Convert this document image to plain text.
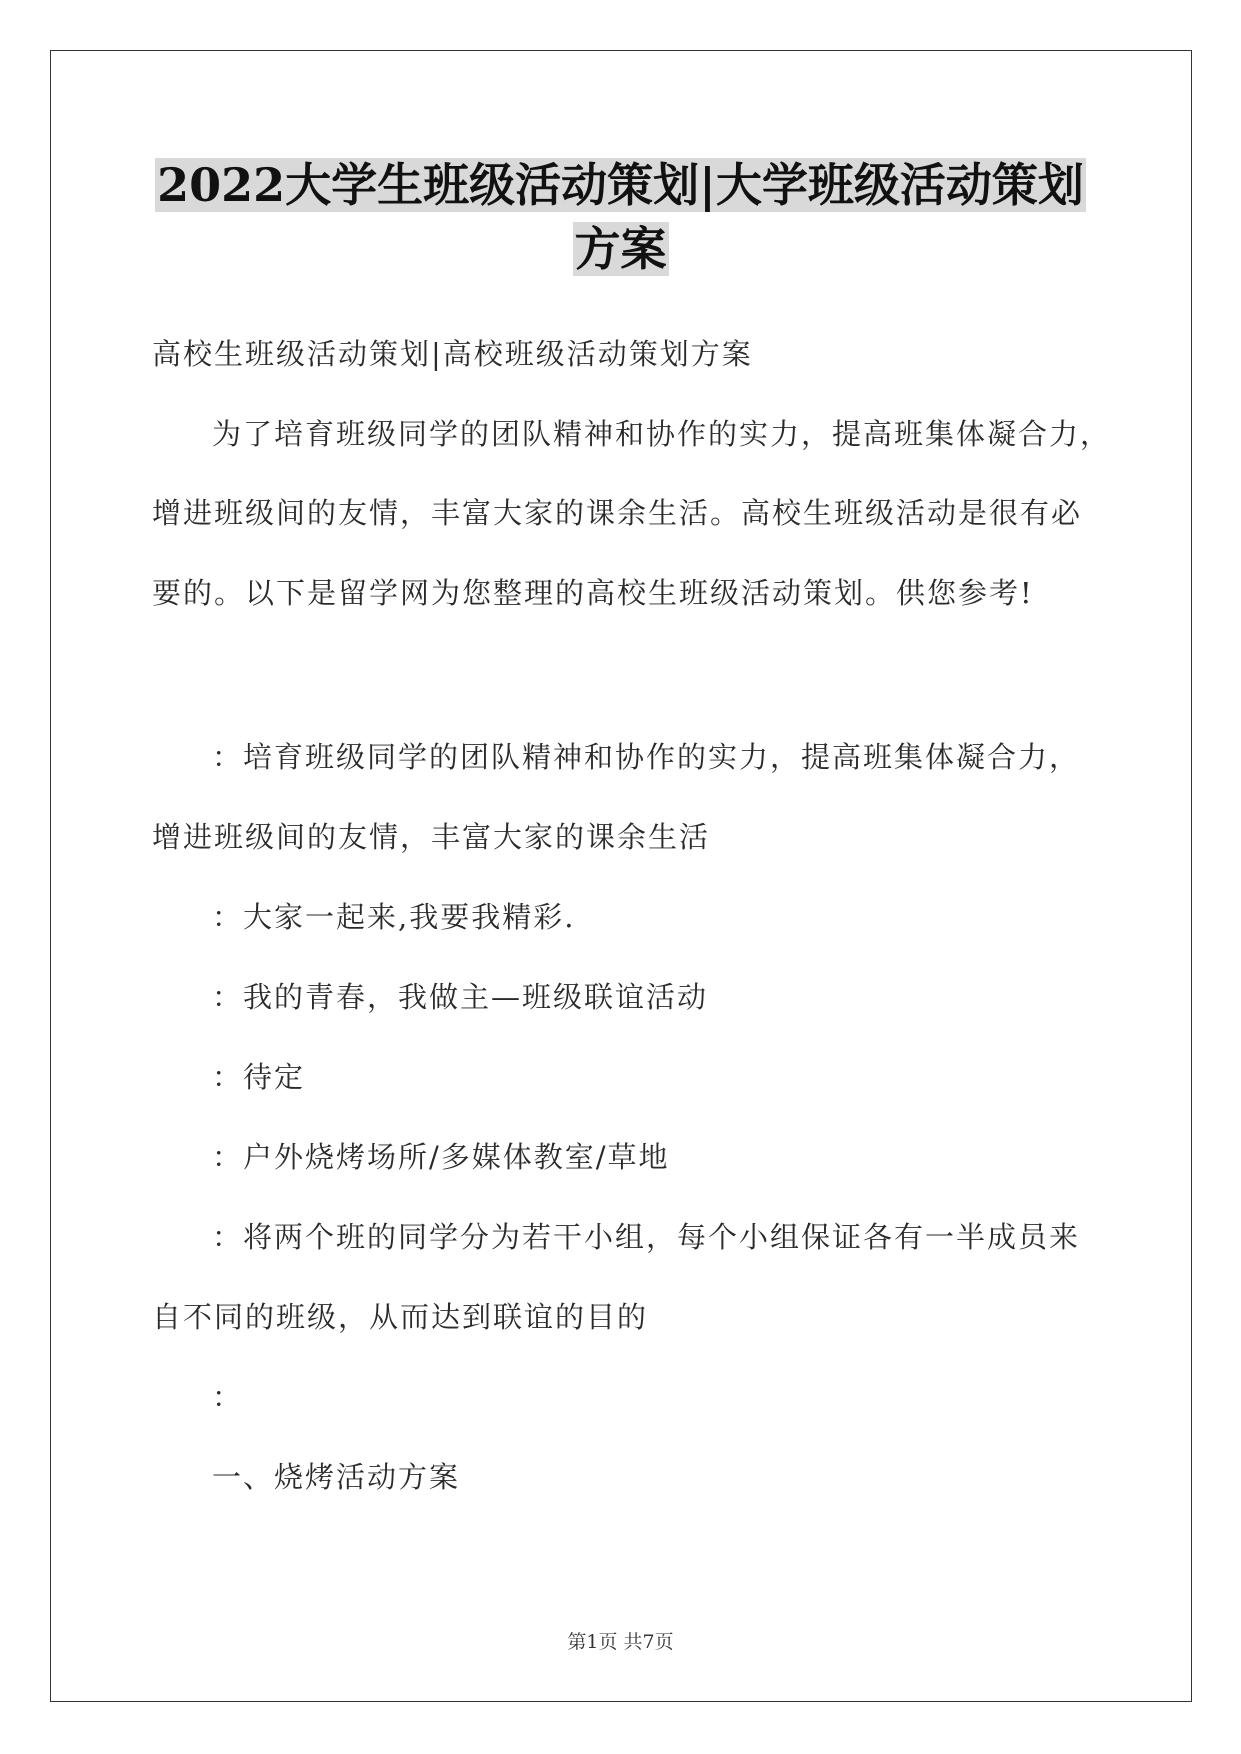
2022大学生班级活动策划|大学班级活动策划
方案
高校生班级活动策划|高校班级活动策划方案
为了培育班级同学的团队精神和协作的实力，提高班集体凝合力，
增进班级间的友情，丰富大家的课余生活。高校生班级活动是很有必
要的。以下是留学网为您整理的高校生班级活动策划。供您参考!
：培育班级同学的团队精神和协作的实力，提高班集体凝合力，
增进班级间的友情，丰富大家的课余生活
：大家一起来,我要我精彩.
：我的青春，我做主—班级联谊活动
：待定
：户外烧烤场所/多媒体教室/草地
：将两个班的同学分为若干小组，每个小组保证各有一半成员来
自不同的班级，从而达到联谊的目的
：
一、烧烤活动方案
第1页 共7页
